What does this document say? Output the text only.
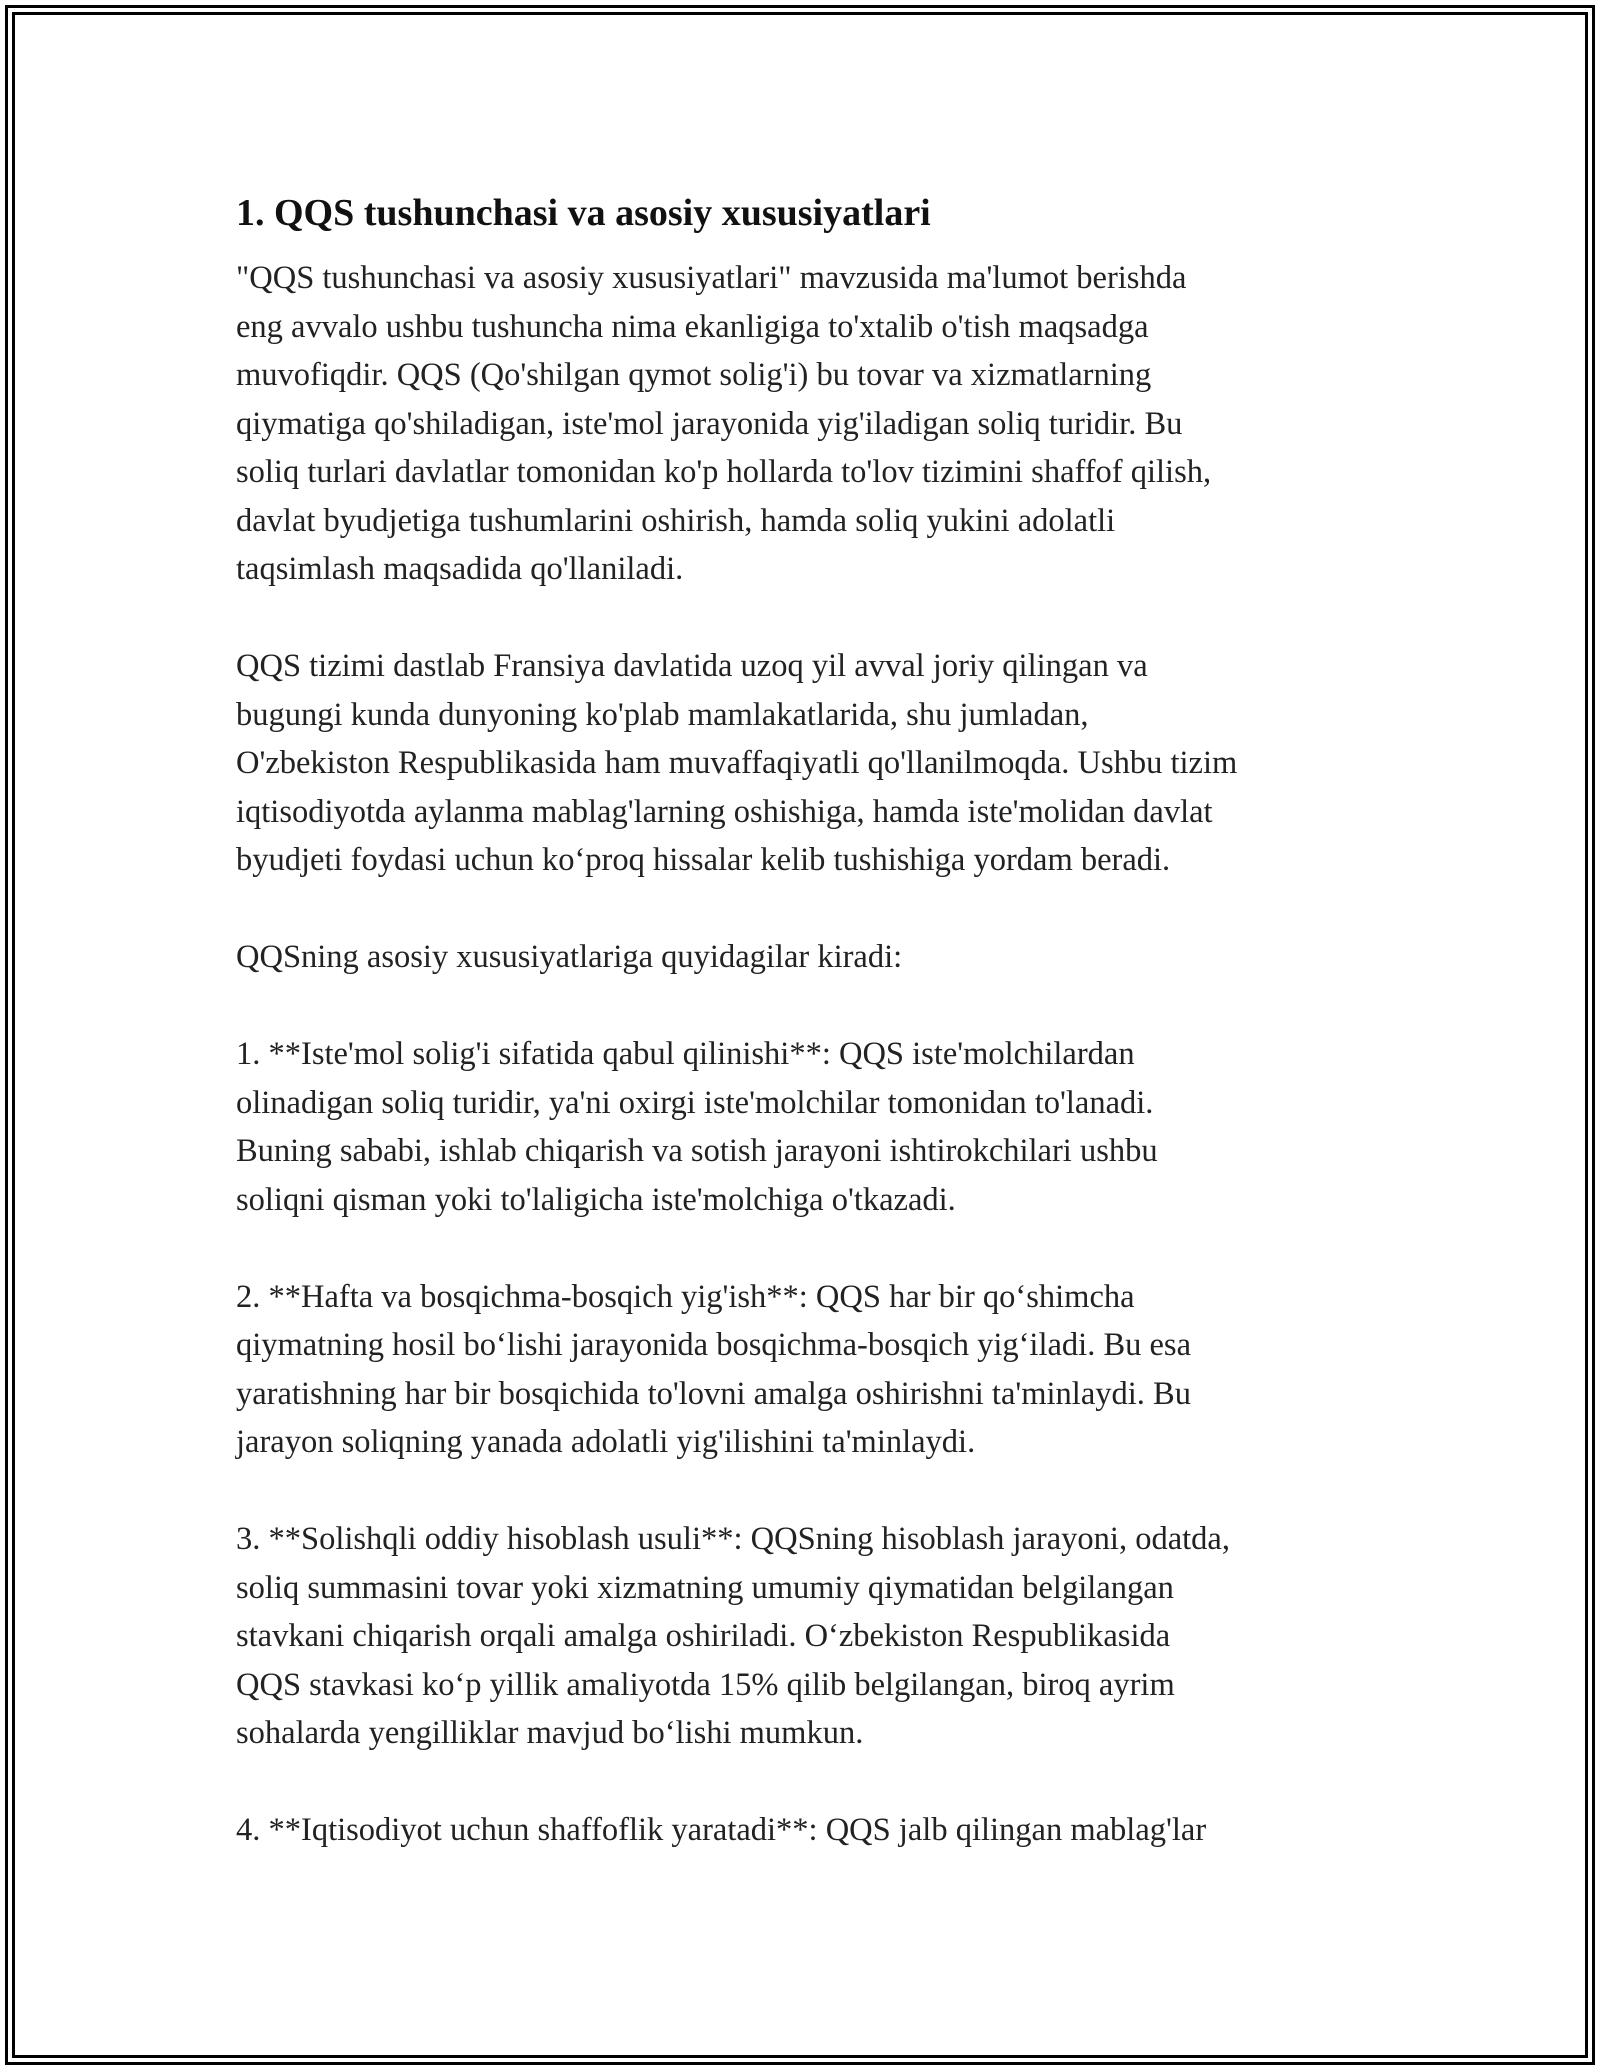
1. QQS tushunchasi va asosiy xususiyatlari

"QQS tushunchasi va asosiy xususiyatlari" mavzusida ma'lumot berishda
eng avvalo ushbu tushuncha nima ekanligiga to'xtalib o'tish maqsadga
muvofiqdir. QQS (Qo'shilgan qymot solig'i) bu tovar va xizmatlarning
qiymatiga qo'shiladigan, iste'mol jarayonida yig'iladigan soliq turidir. Bu
soliq turlari davlatlar tomonidan ko'p hollarda to'lov tizimini shaffof qilish,
davlat byudjetiga tushumlarini oshirish, hamda soliq yukini adolatli
taqsimlash maqsadida qo'llaniladi.

QQS tizimi dastlab Fransiya davlatida uzoq yil avval joriy qilingan va
bugungi kunda dunyoning ko'plab mamlakatlarida, shu jumladan,
O'zbekiston Respublikasida ham muvaffaqiyatli qo'llanilmoqda. Ushbu tizim
iqtisodiyotda aylanma mablag'larning oshishiga, hamda iste'molidan davlat
byudjeti foydasi uchun ko‘proq hissalar kelib tushishiga yordam beradi.

QQSning asosiy xususiyatlariga quyidagilar kiradi:

1. **Iste'mol solig'i sifatida qabul qilinishi**: QQS iste'molchilardan
olinadigan soliq turidir, ya'ni oxirgi iste'molchilar tomonidan to'lanadi.
Buning sababi, ishlab chiqarish va sotish jarayoni ishtirokchilari ushbu
soliqni qisman yoki to'laligicha iste'molchiga o'tkazadi.

2. **Hafta va bosqichma-bosqich yig'ish**: QQS har bir qo‘shimcha
qiymatning hosil bo‘lishi jarayonida bosqichma-bosqich yig‘iladi. Bu esa
yaratishning har bir bosqichida to'lovni amalga oshirishni ta'minlaydi. Bu
jarayon soliqning yanada adolatli yig'ilishini ta'minlaydi.

3. **Solishqli oddiy hisoblash usuli**: QQSning hisoblash jarayoni, odatda,
soliq summasini tovar yoki xizmatning umumiy qiymatidan belgilangan
stavkani chiqarish orqali amalga oshiriladi. O‘zbekiston Respublikasida
QQS stavkasi ko‘p yillik amaliyotda 15% qilib belgilangan, biroq ayrim
sohalarda yengilliklar mavjud bo‘lishi mumkun.

4. **Iqtisodiyot uchun shaffoflik yaratadi**: QQS jalb qilingan mablag'lar
